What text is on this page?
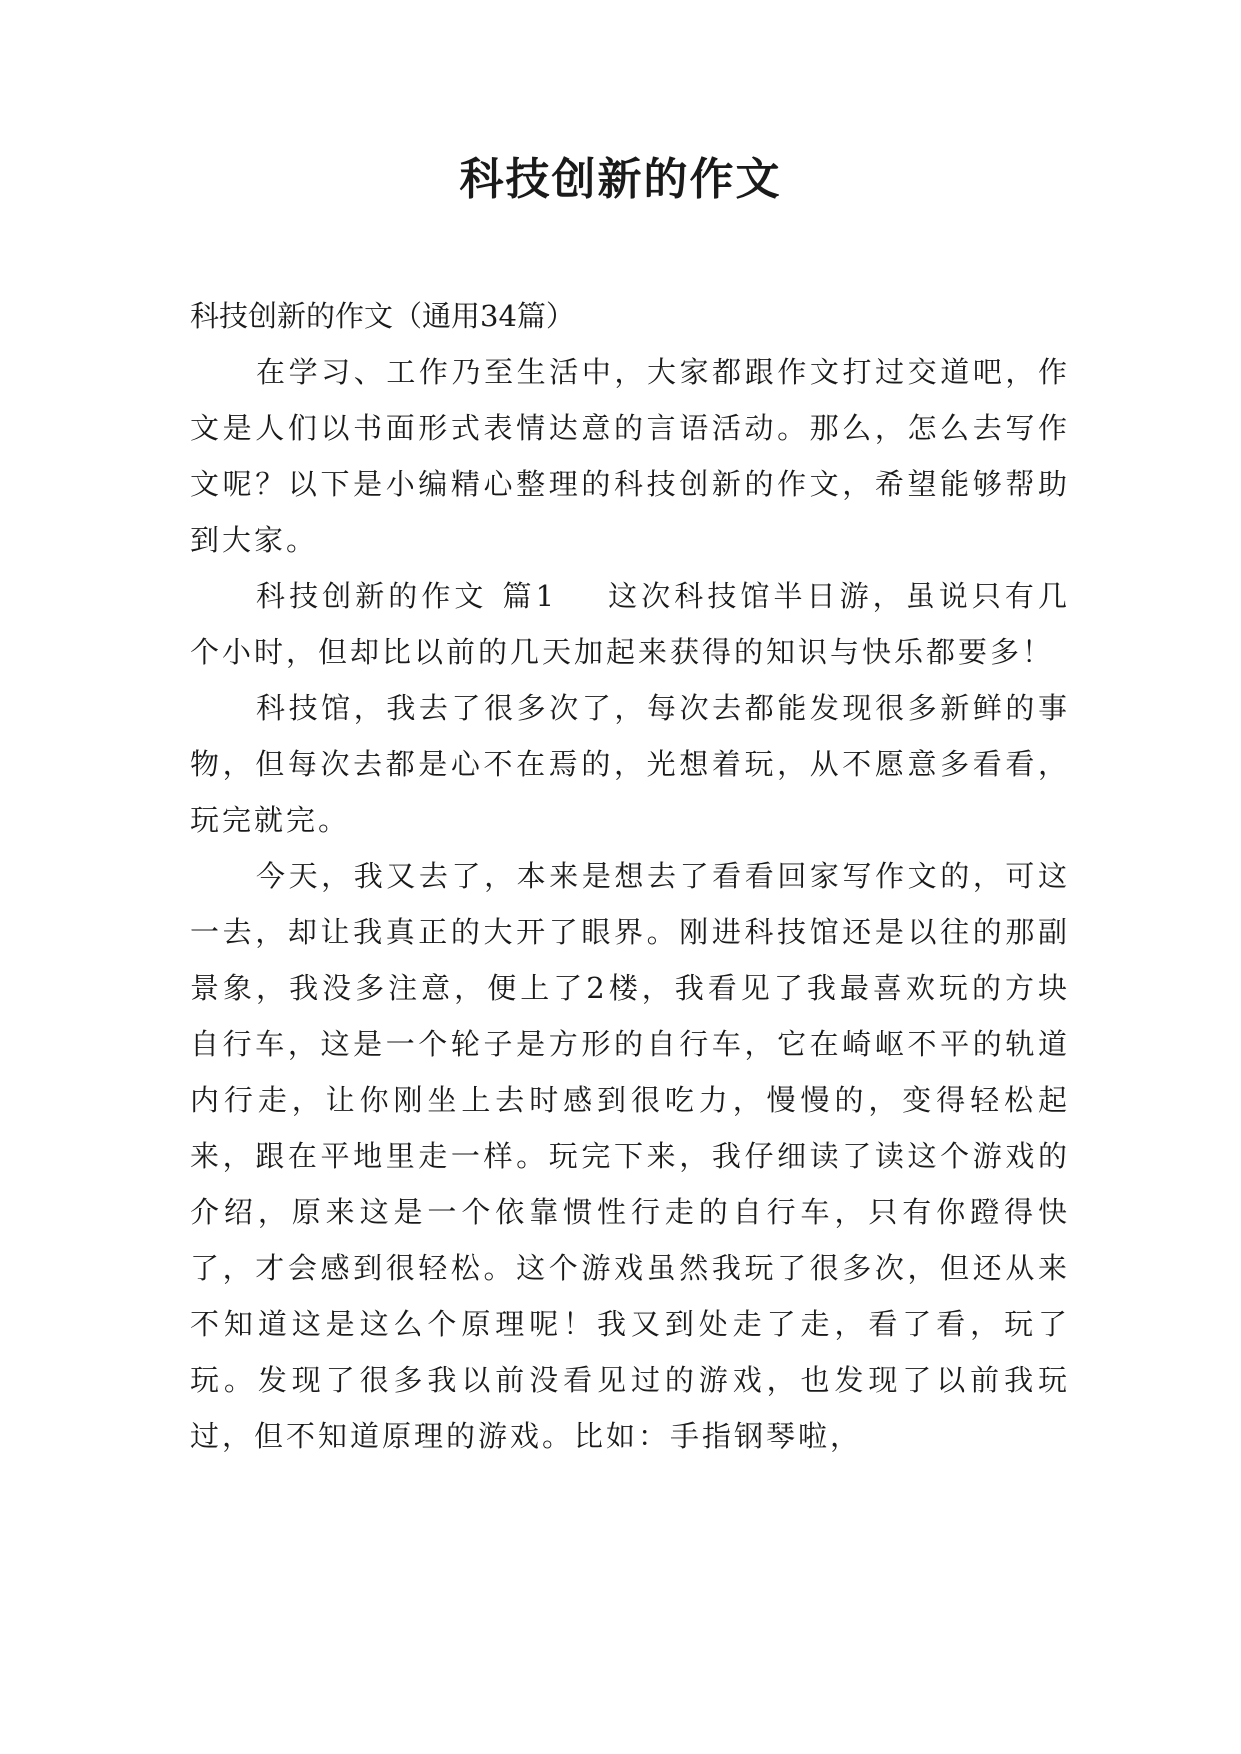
科技创新的作文

科技创新的作文（通用34篇）

在学习、工作乃至生活中，大家都跟作文打过交道吧，作文是人们以书面形式表情达意的言语活动。那么，怎么去写作文呢？以下是小编精心整理的科技创新的作文，希望能够帮助到大家。

科技创新的作文 篇1 这次科技馆半日游，虽说只有几个小时，但却比以前的几天加起来获得的知识与快乐都要多！

科技馆，我去了很多次了，每次去都能发现很多新鲜的事物，但每次去都是心不在焉的，光想着玩，从不愿意多看看，玩完就完。

今天，我又去了，本来是想去了看看回家写作文的，可这一去，却让我真正的大开了眼界。刚进科技馆还是以往的那副景象，我没多注意，便上了2楼，我看见了我最喜欢玩的方块自行车，这是一个轮子是方形的自行车，它在崎岖不平的轨道内行走，让你刚坐上去时感到很吃力，慢慢的，变得轻松起来，跟在平地里走一样。玩完下来，我仔细读了读这个游戏的介绍，原来这是一个依靠惯性行走的自行车，只有你蹬得快了，才会感到很轻松。这个游戏虽然我玩了很多次，但还从来不知道这是这么个原理呢！我又到处走了走，看了看，玩了玩。发现了很多我以前没看见过的游戏，也发现了以前我玩过，但不知道原理的游戏。比如：手指钢琴啦，
